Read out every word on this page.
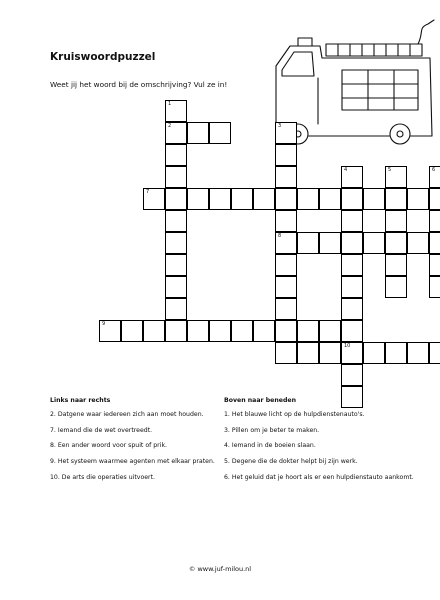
Kruiswoordpuzzel
Weet jij het woord bij de omschrijving? Vul ze in!
1
2
7
3
8
4
10
5	6
9
Links naar rechts
2. Datgene waar iedereen zich aan moet houden.
7. Iemand die de wet overtreedt.
8. Een ander woord voor spuit of prik.
9. Het systeem waarmee agenten met elkaar praten.
10. De arts die operaties uitvoert.
Boven naar beneden
1. Het blauwe licht op de hulpdienstenauto's.
3. Pillen om je beter te maken.
4. Iemand in de boeien slaan.
5. Degene die de dokter helpt bij zijn werk.
6. Het geluid dat je hoort als er een hulpdienstauto aankomt.
© www.juf-milou.nl
